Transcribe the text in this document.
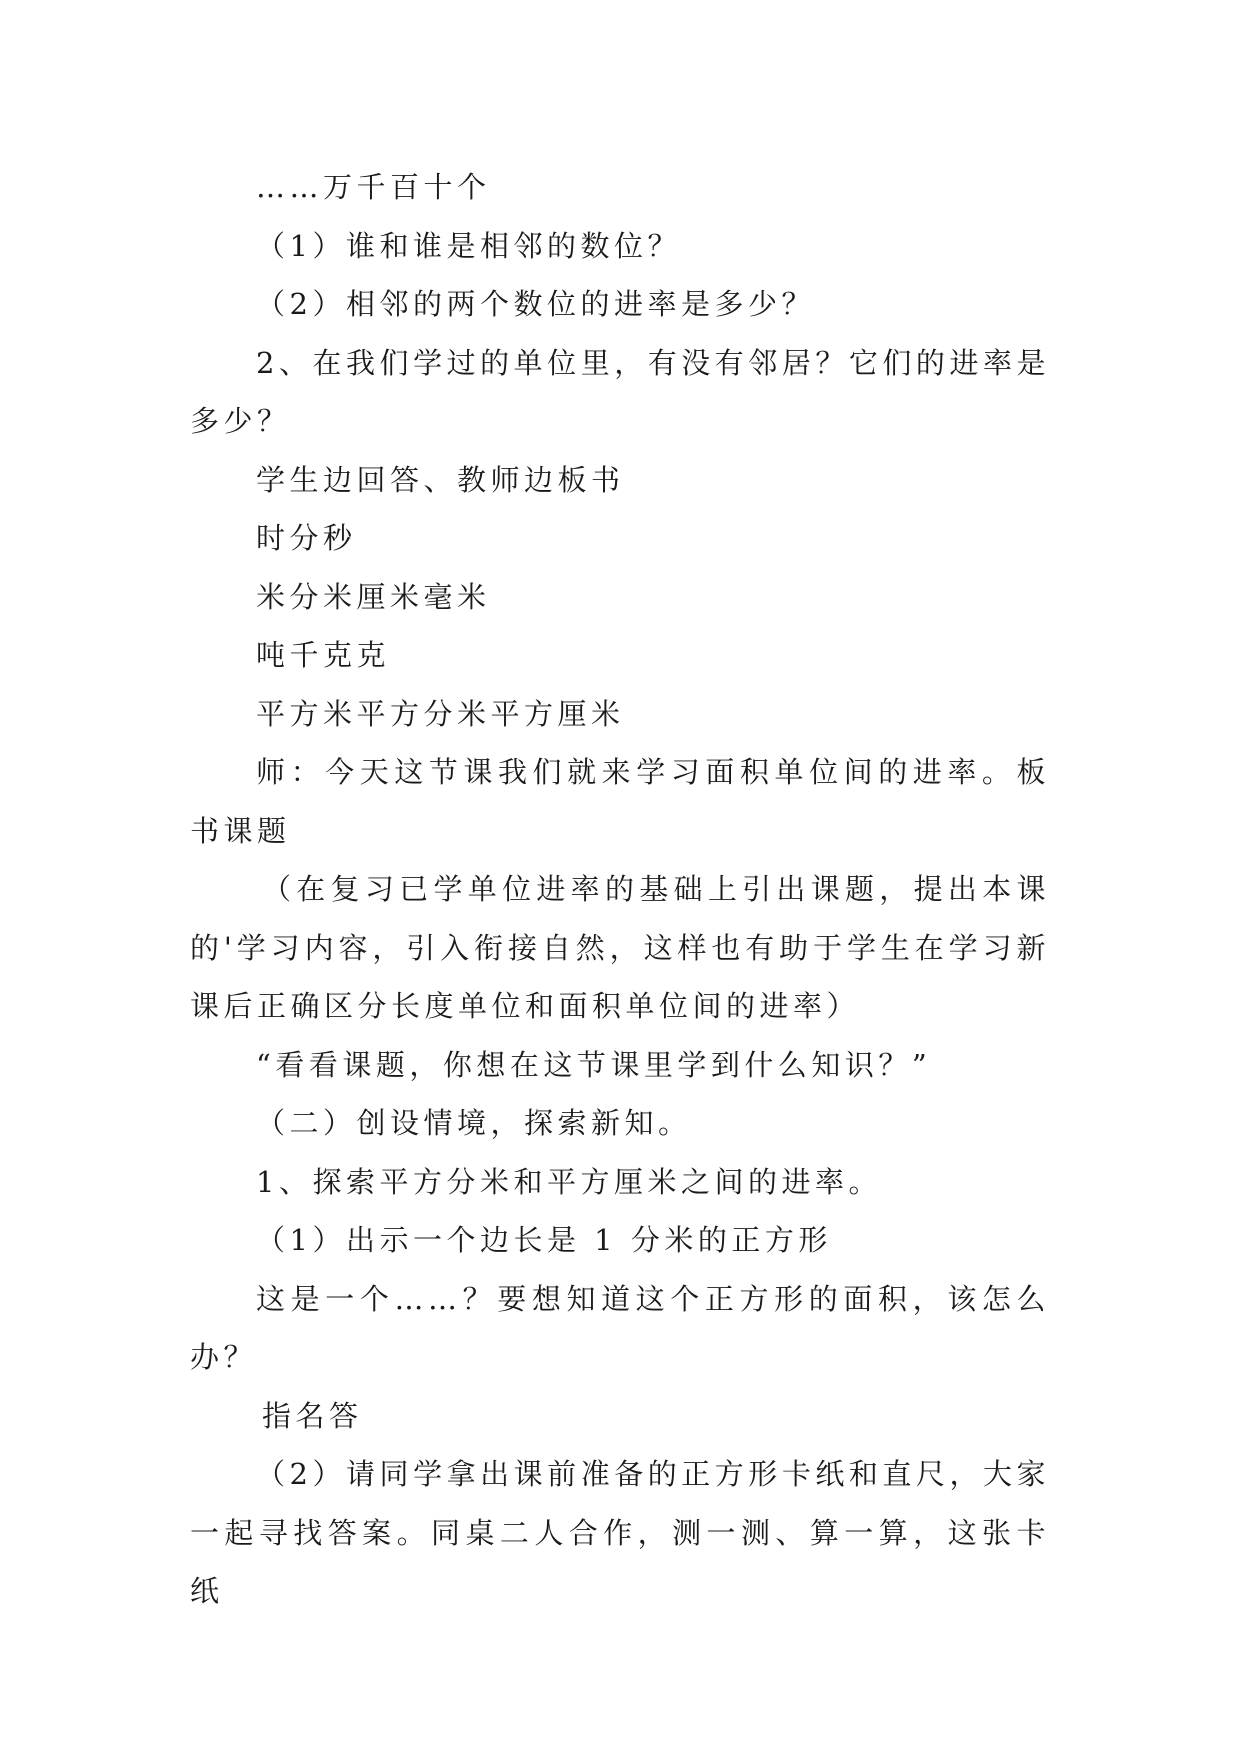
……万千百十个

（1）谁和谁是相邻的数位？

（2）相邻的两个数位的进率是多少？

2、在我们学过的单位里，有没有邻居？它们的进率是多少？

学生边回答、教师边板书

时分秒

米分米厘米毫米

吨千克克

平方米平方分米平方厘米

师：今天这节课我们就来学习面积单位间的进率。板书课题

（在复习已学单位进率的基础上引出课题，提出本课的'学习内容，引入衔接自然，这样也有助于学生在学习新课后正确区分长度单位和面积单位间的进率）

“看看课题，你想在这节课里学到什么知识？”

（二）创设情境，探索新知。

1、探索平方分米和平方厘米之间的进率。

（1）出示一个边长是 1 分米的正方形

这是一个……？要想知道这个正方形的面积，该怎么办？

指名答

（2）请同学拿出课前准备的正方形卡纸和直尺，大家一起寻找答案。同桌二人合作，测一测、算一算，这张卡纸
